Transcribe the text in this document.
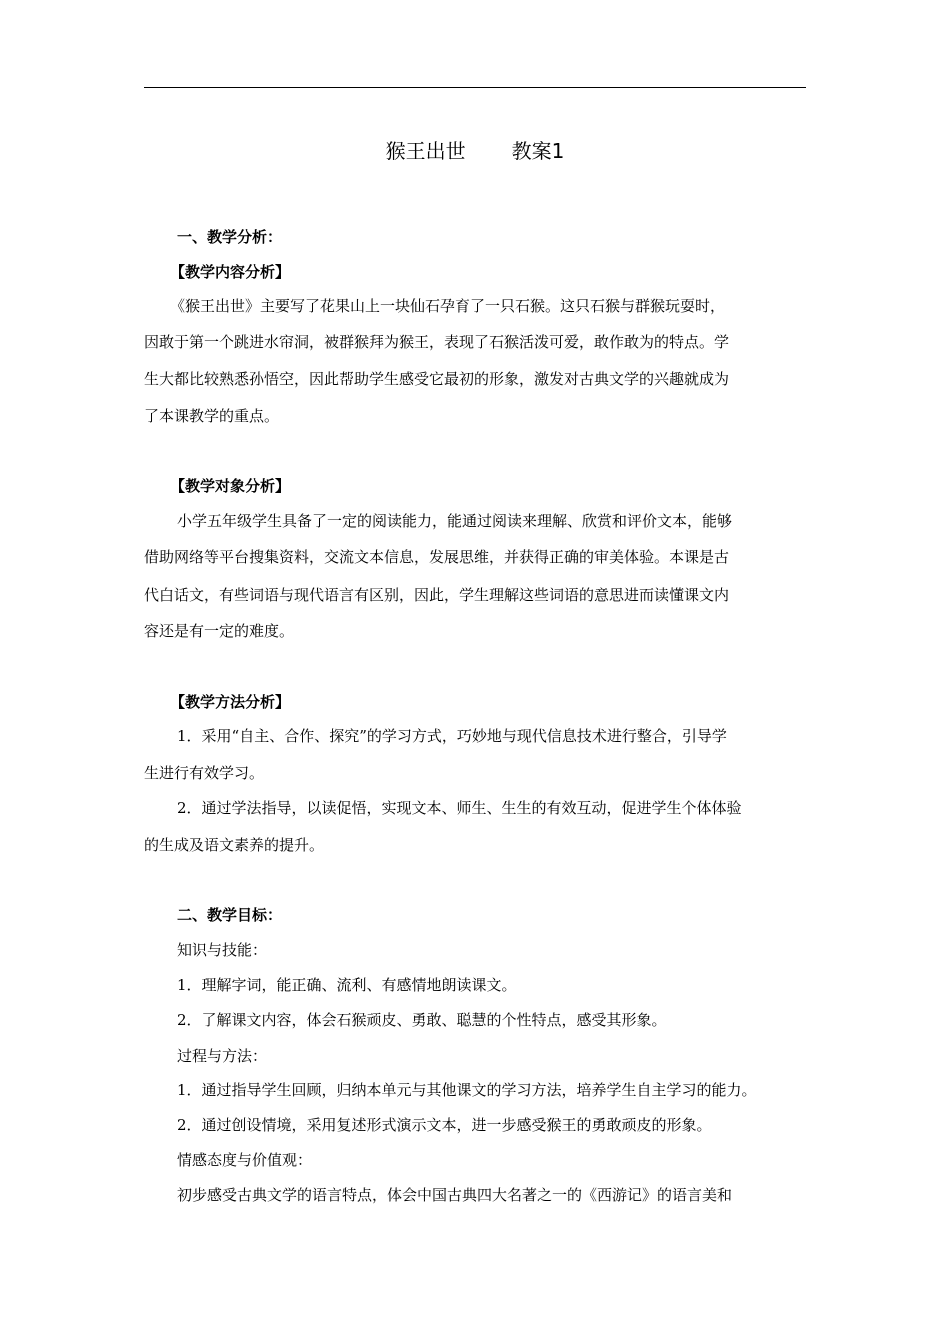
猴王出世 教案1
一、教学分析：
【教学内容分析】
《猴王出世》主要写了花果山上一块仙石孕育了一只石猴。这只石猴与群猴玩耍时，
因敢于第一个跳进水帘洞，被群猴拜为猴王，表现了石猴活泼可爱，敢作敢为的特点。学
生大都比较熟悉孙悟空，因此帮助学生感受它最初的形象，激发对古典文学的兴趣就成为
了本课教学的重点。
【教学对象分析】
小学五年级学生具备了一定的阅读能力，能通过阅读来理解、欣赏和评价文本，能够
借助网络等平台搜集资料，交流文本信息，发展思维，并获得正确的审美体验。本课是古
代白话文，有些词语与现代语言有区别，因此，学生理解这些词语的意思进而读懂课文内
容还是有一定的难度。
【教学方法分析】
1．采用“自主、合作、探究”的学习方式，巧妙地与现代信息技术进行整合，引导学
生进行有效学习。
2．通过学法指导，以读促悟，实现文本、师生、生生的有效互动，促进学生个体体验
的生成及语文素养的提升。
二、教学目标：
知识与技能：
1．理解字词，能正确、流利、有感情地朗读课文。
2．了解课文内容，体会石猴顽皮、勇敢、聪慧的个性特点，感受其形象。
过程与方法：
1．通过指导学生回顾，归纳本单元与其他课文的学习方法，培养学生自主学习的能力。
2．通过创设情境，采用复述形式演示文本，进一步感受猴王的勇敢顽皮的形象。
情感态度与价值观：
初步感受古典文学的语言特点，体会中国古典四大名著之一的《西游记》的语言美和
